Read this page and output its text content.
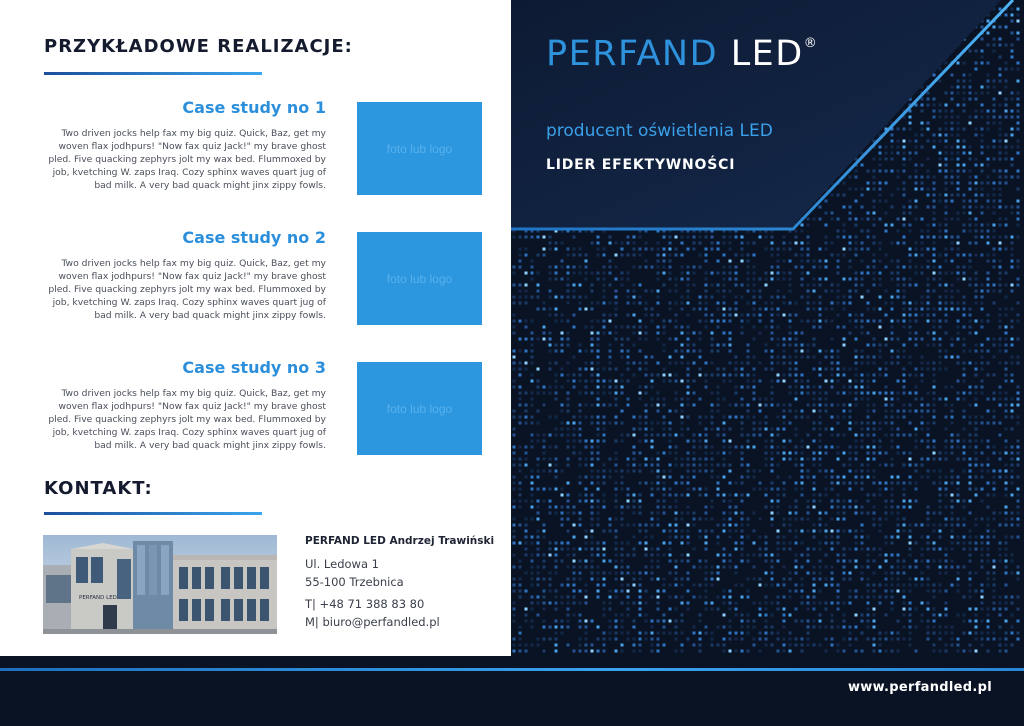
PRZYKŁADOWE REALIZACJE:
Case study no 1

Two driven jocks help fax my big quiz. Quick, Baz, get my woven flax jodhpurs! "Now fax quiz Jack!" my brave ghost pled. Five quacking zephyrs jolt my wax bed. Flummoxed by job, kvetching W. zaps Iraq. Cozy sphinx waves quart jug of bad milk. A very bad quack might jinx zippy fowls.

foto lub logo
Case study no 2

Two driven jocks help fax my big quiz. Quick, Baz, get my woven flax jodhpurs! "Now fax quiz Jack!" my brave ghost pled. Five quacking zephyrs jolt my wax bed. Flummoxed by job, kvetching W. zaps Iraq. Cozy sphinx waves quart jug of bad milk. A very bad quack might jinx zippy fowls.

foto lub logo
Case study no 3

Two driven jocks help fax my big quiz. Quick, Baz, get my woven flax jodhpurs! "Now fax quiz Jack!" my brave ghost pled. Five quacking zephyrs jolt my wax bed. Flummoxed by job, kvetching W. zaps Iraq. Cozy sphinx waves quart jug of bad milk. A very bad quack might jinx zippy fowls.

foto lub logo
KONTAKT:
PERFAND LED

PERFAND LED Andrzej Trawiński

Ul. Ledowa 1

55-100 Trzebnica

T| +48 71 388 83 80

M| biuro@perfandled.pl

PERFAND LED®

producent oświetlenia LED

LIDER EFEKTYWNOŚCI

www.perfandled.pl
